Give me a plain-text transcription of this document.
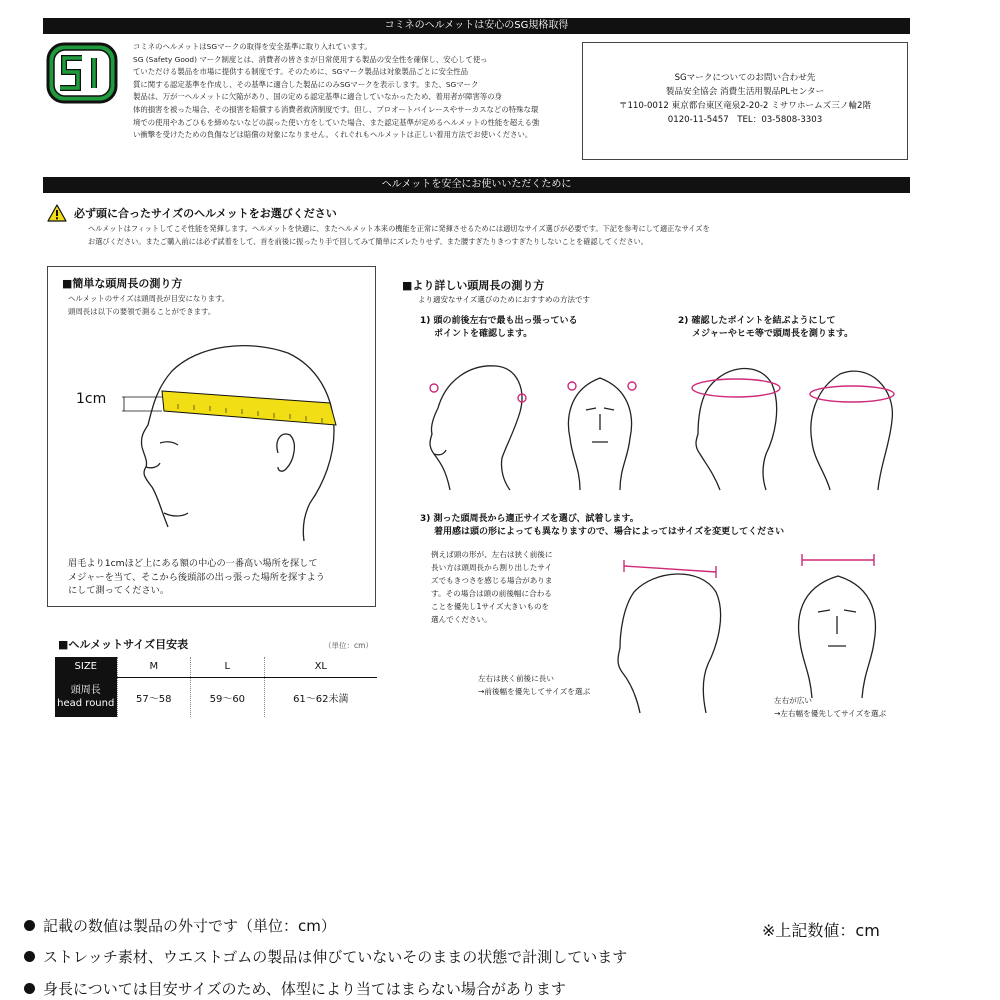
コミネのヘルメットは安心のSG規格取得
コミネのヘルメットはSGマークの取得を安全基準に取り入れています。
SG (Safety Good) マーク制度とは、消費者の皆さまが日常使用する製品の安全性を確保し、安心して使っ
ていただける製品を市場に提供する制度です。そのために、SGマーク製品は対象製品ごとに安全性品
質に関する認定基準を作成し、その基準に適合した製品にのみSGマークを表示します。また、SGマーク
製品は、万が一ヘルメットに欠陥があり、国の定める認定基準に適合していなかったため、着用者が障害等の身
体的損害を被った場合、その損害を賠償する消費者救済制度です。但し、プロオートバイレースやサーカスなどの特殊な環
境での使用やあごひもを締めないなどの誤った使い方をしていた場合、また認定基準が定めるヘルメットの性能を超える強
い衝撃を受けたための負傷などは賠償の対象になりません。くれぐれもヘルメットは正しい着用方法でお使いください。
SGマークについてのお問い合わせ先
製品安全協会 消費生活用製品PLセンター
〒110-0012 東京都台東区竜泉2-20-2 ミサワホームズ三ノ輪2階
0120-11-5457　TEL：03-5808-3303
ヘルメットを安全にお使いいただくために
必ず頭に合ったサイズのヘルメットをお選びください
ヘルメットはフィットしてこそ性能を発揮します。ヘルメットを快適に、またヘルメット本来の機能を正常に発揮させるためには適切なサイズ選びが必要です。下記を参考にして適正なサイズを
お選びください。またご購入前には必ず試着をして、首を前後に振ったり手で回してみて簡単にズレたりせず、また腰すぎたりきつすぎたりしないことを確認してください。
■簡単な頭周長の測り方
ヘルメットのサイズは頭周長が目安になります。
頭周長は以下の要領で測ることができます。
1cm
眉毛より1cmほど上にある額の中心の一番高い場所を探して
メジャーを当て、そこから後頭部の出っ張った場所を探すよう
にして測ってください。
■ヘルメットサイズ目安表	（単位：cm）
SIZE	M	L	XL

頭周長
head round	57〜58	59〜60	61〜62未満
■より詳しい頭周長の測り方
より適安なサイズ選びのためにおすすめの方法です
1) 頭の前後左右で最も出っ張っている
ポイントを確認します。
2) 確認したポイントを結ぶようにして
メジャーやヒモ等で頭周長を測ります。
3) 測った頭周長から適正サイズを選び、試着します。
着用感は頭の形によっても異なりますので、場合によってはサイズを変更してください
例えば頭の形が、左右は狭く前後に
長い方は頭周長から割り出したサイ
ズでもきつさを感じる場合がありま
す。その場合は頭の前後幅に合わる
ことを優先し1サイズ大きいものを
選んでください。
左右は狭く前後に長い
→前後幅を優先してサイズを選ぶ
左右が広い
→左右幅を優先してサイズを選ぶ
記載の数値は製品の外寸です（単位：cm）
ストレッチ素材、ウエストゴムの製品は伸びていないそのままの状態で計測しています
身長については目安サイズのため、体型により当てはまらない場合があります
※上記数値：cm
